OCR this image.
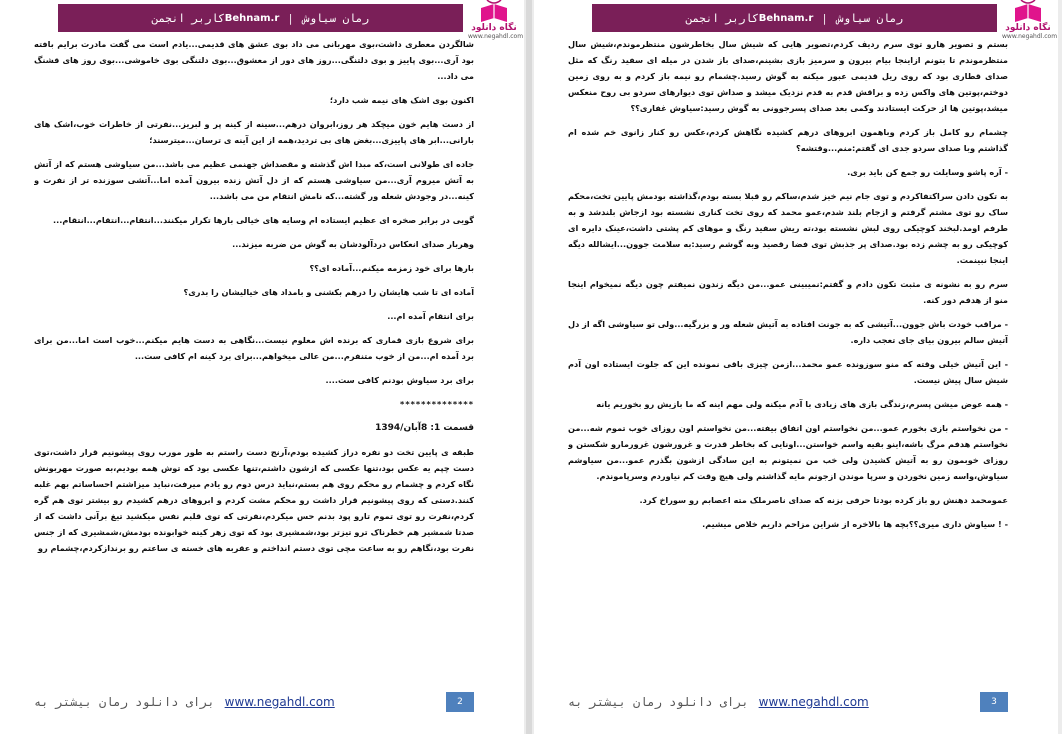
رمان سیاوش
|
Behnam.r
کاربر انجمن
نگاه دانلود
www.negahdl.com

شالگردن معطری داشت،بوی مهربانی می داد بوی عشق های قدیمی...یادم است می گفت مادرت برایم بافته بود آری...بوی پاییز و بوی دلتنگی...روز های دور از معشوق...بوی دلتنگی بوی خاموشی...بوی روز های قشنگ می داد...

اکنون بوی اشک های نیمه شب دارد؛

از دست هایم خون میچکد هر روز،ابروان درهم...سینه از کینه پر و لبریز...نفرتی از خاطرات خوب،اشک های بارانی...ابر های پاییزی...بغض های بی تردید،همه از این آینه ی ترسان...میترسند؛

جاده ای طولانی است،که مبدا اش گذشته و مقصداش جهنمی عظیم می باشد...من سیاوشی هستم که از آتش به آتش میروم آری...من سیاوشی هستم که از دل آتش زنده بیرون آمده اما...آتشی سوزنده تر از نفرت و کینه...در وجودش شعله ور گشته...که نامش انتقام من می باشد...

گویی در برابر صخره ای عظیم ایستاده ام وسایه های خیالی بارها تکرار میکنند...انتقام...انتقام...انتقام...

وهربار صدای انعکاس دردآلودشان به گوش من ضربه میزند...

بارها برای خود زمزمه میکنم...آماده ای؟؟

آماده ای تا شب هایشان را درهم بکشنی و بامداد های خیالیشان را بدری؟

برای انتقام آمده ام...

برای شروع بازی قماری که برنده اش معلوم نیست...نگاهی به دست هایم میکنم...خوب است اما...من برای برد آمده ام...من از خوب متنفرم...من عالی میخواهم...برای برد کینه ام کافی ست...

برای برد سیاوش بودنم کافی ست....

**************

قسمت 1: 8آبان/1394

طبقه ی پایین تخت دو نفره دراز کشیده بودم،آرنج دست راستم به طور مورب روی پیشونیم قرار داشت،توی دست چپم یه عکس بود،تنها عکسی که ازشون داشتم،تنها عکسی بود که توش همه بودیم،به صورت مهربونش نگاه کردم و چشمام رو محکم روی هم بستم،نباید درس دوم رو یادم میرفت،نباید میزاشتم احساساتم بهم غلبه کنند.دستی که روی پیشونیم قرار داشت رو محکم مشت کردم و ابروهای درهم کشیدم رو بیشتر توی هم گره کردم،نفرت رو توی تموم تارو پود بدنم حس میکردم،نفرتی که توی قلبم نفس میکشید تیغ برآنی داشت که از صدتا شمشیر هم خطرناک ترو تیزتر بود،شمشیری بود که توی زهر کینه خوابونده بودمش،شمشیری که از جنس نفرت بود،نگاهم رو به ساعت مچی توی دستم انداختم و عقربه های خسته ی ساعتم رو برندازکردم،چشمام رو

برای دانلود رمان بیشتر به www.negahdl.com	2
رمان سیاوش
|
Behnam.r
کاربر انجمن
نگاه دانلود
www.negahdl.com

بستم و تصویر هارو توی سرم ردیف کردم،تصویر هایی که شیش سال بخاطرشون منتظرموندم،شیش سال منتظرموندم تا بتونم ازاینجا بیام بیرون و سرمیز بازی بشینم،صدای باز شدن در میله ای سفید رنگ که مثل صدای قطاری بود که روی ریل قدیمی عبور میکنه به گوش رسید.چشمام رو نیمه باز کردم و به روی زمین دوختم،پوتین های واکس زده و براقش قدم به قدم نزدیک میشد و صداش توی دیوارهای سردو بی روح منعکس میشد،پوتین ها از حرکت ایستادند وکمی بعد صدای پسرجوونی به گوش رسید:سیاوش غفاری؟؟

چشمام رو کامل باز کردم وباهمون ابروهای درهم کشیده نگاهش کردم،عکس رو کنار زانوی خم شده ام گذاشتم وبا صدای سردو جدی ای گفتم:منم...وقتشه؟

- آره پاشو وسایلت رو جمع کن باید بری.

به تکون دادن سراکتفاکردم و توی جام نیم خیز شدم،ساکم رو قبلا بسته بودم،گذاشته بودمش پایین تخت،محکم ساک رو توی مشتم گرفتم و ازجام بلند شدم،عمو محمد که روی تخت کناری نشسته بود ازجاش بلندشد و به طرفم اومد.لبخند کوچیکی روی لبش نشسته بود،ته ریش سفید رنگ و موهای کم پشتی داشت،عینک دایره ای کوچیکی رو به چشم زده بود.صدای پر جذبش توی فضا رقصید وبه گوشم رسید:به سلامت جوون...ایشالله دیگه اینجا نبینمت.

سرم رو به نشونه ی مثبت تکون دادم و گفتم:نمیبینی عمو...من دیگه زندون نمیفتم چون دیگه نمیخوام اینجا منو از هدفم دور کنه.

- مراقب خودت باش جوون...آتیشی که به جونت افتاده به آتیش شعله ور و بزرگیه...ولی تو سیاوشی اگه از دل آتیش سالم بیرون بیای جای تعجب داره.

- این آتیش خیلی وقته که منو سوزونده عمو محمد...ازمن چیزی باقی نمونده این که جلوت ایستاده اون آدم شیش سال پیش نیست.

- همه عوض میشن پسرم،زندگی بازی های زیادی با آدم میکنه ولی مهم اینه که ما بازیش رو بخوریم یانه

- من نخواستم بازی بخورم عمو...من نخواستم اون اتفاق بیفته...من نخواستم اون روزای خوب تموم شه...من نخواستم هدفم مرگ باشه،اینو بقیه واسم خواستن...اونایی که بخاطر قدرت و غرورشون غرورمارو شکستن و روزای خوبمون رو به آتیش کشیدن ولی خب من نمیتونم به این سادگی ازشون بگذرم عمو...من سیاوشم سیاوش،واسه زمین نخوردن و سرپا موندن ازجونم مایه گذاشتم ولی هیچ وقت کم نیاوردم وسرپاموندم.

عمومحمد دهنش رو باز کرده بودتا حرفی بزنه که صدای ناصرملک مته اعصابم رو سوراخ کرد.

- ! سیاوش داری میری؟؟بچه ها بالاخره از شراین مزاحم داریم خلاص میشیم.

برای دانلود رمان بیشتر به www.negahdl.com	3
